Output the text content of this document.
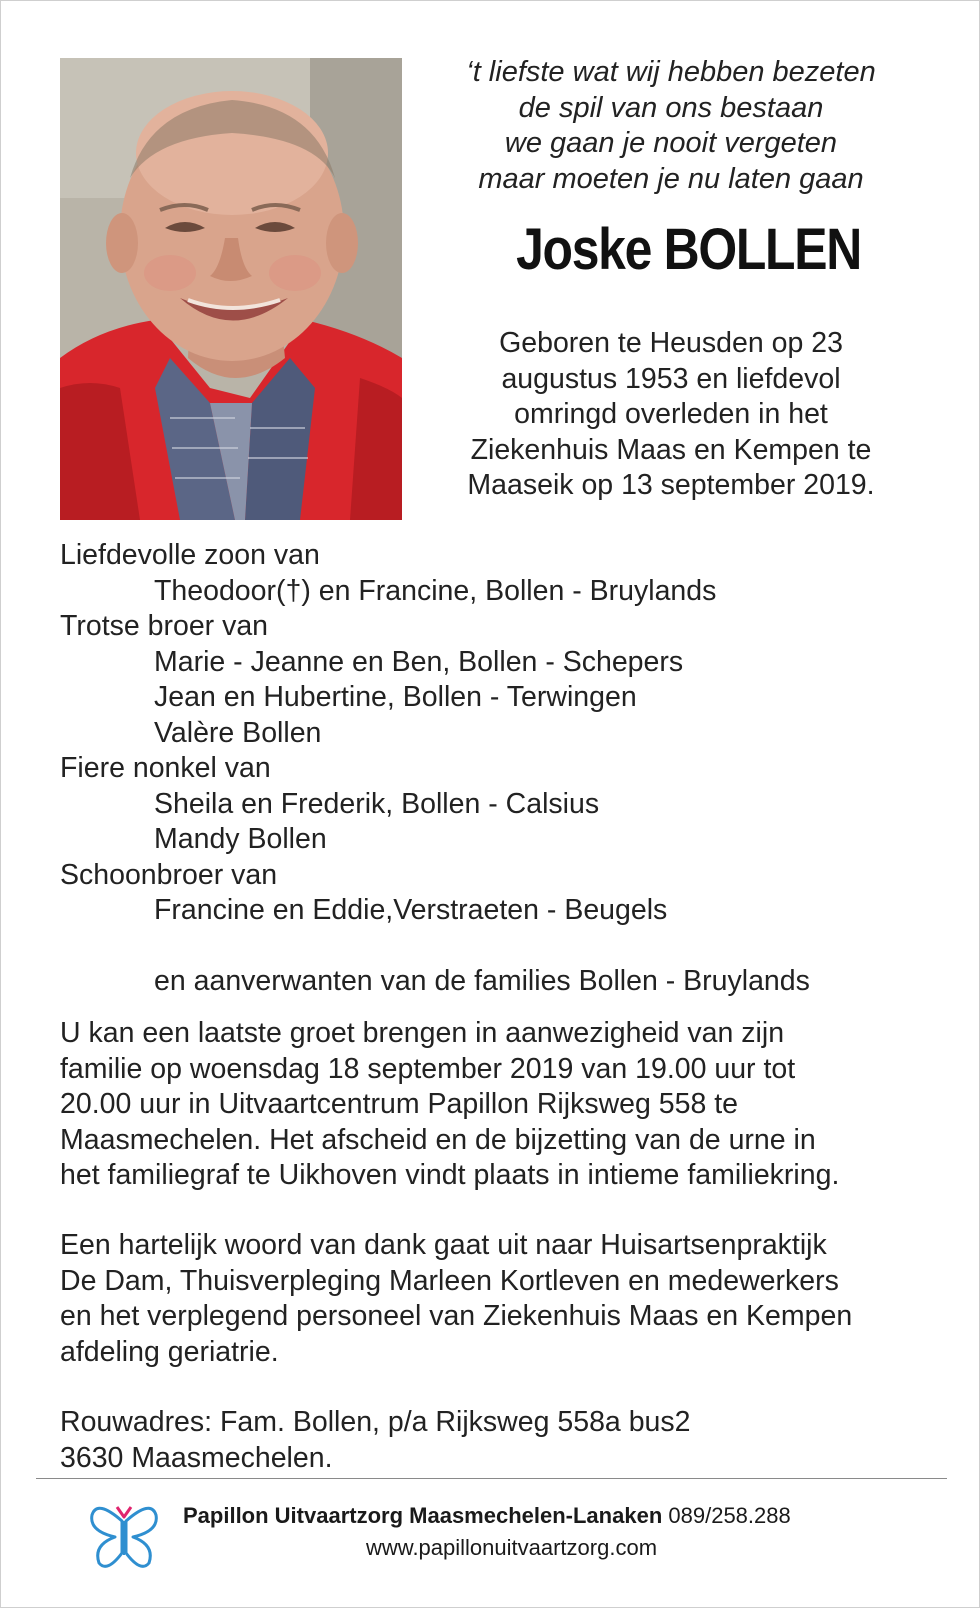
‘t liefste wat wij hebben bezeten
de spil van ons bestaan
we gaan je nooit vergeten
maar moeten je nu laten gaan
Joske BOLLEN
Geboren te Heusden op 23
augustus 1953 en liefdevol
omringd overleden in het
Ziekenhuis Maas en Kempen te
Maaseik op 13 september 2019.
Liefdevolle zoon van
Theodoor(†) en Francine, Bollen - Bruylands
Trotse broer van
Marie - Jeanne en Ben, Bollen - Schepers
Jean en Hubertine, Bollen - Terwingen
Valère Bollen
Fiere nonkel van
Sheila en Frederik, Bollen - Calsius
Mandy Bollen
Schoonbroer van
Francine en Eddie,Verstraeten - Beugels
en aanverwanten van de families Bollen - Bruylands
U kan een laatste groet brengen in aanwezigheid van zijn
familie op woensdag 18 september 2019 van 19.00 uur tot
20.00 uur in Uitvaartcentrum Papillon Rijksweg 558 te
Maasmechelen. Het afscheid en de bijzetting van de urne in
het familiegraf te Uikhoven vindt plaats in intieme familiekring.
Een hartelijk woord van dank gaat uit naar Huisartsenpraktijk
De Dam, Thuisverpleging Marleen Kortleven en medewerkers
en het verplegend personeel van Ziekenhuis Maas en Kempen
afdeling geriatrie.
Rouwadres: Fam. Bollen, p/a Rijksweg 558a bus2
3630 Maasmechelen.
Papillon Uitvaartzorg Maasmechelen-Lanaken 089/258.288
www.papillonuitvaartzorg.com
